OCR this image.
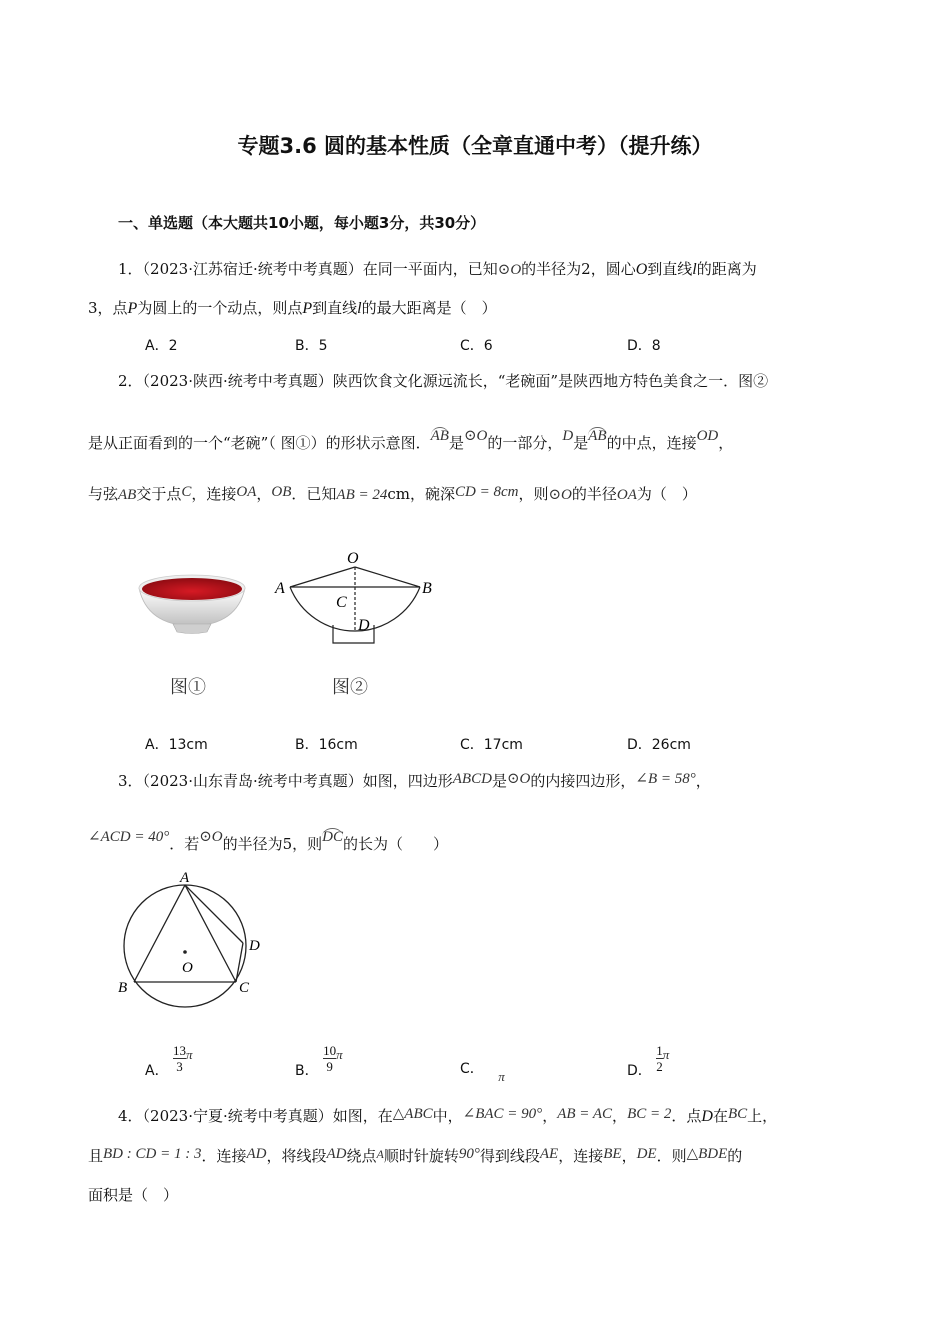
专题3.6 圆的基本性质（全章直通中考）（提升练）
一、单选题（本大题共10小题，每小题3分，共30分）
1．（2023·江苏宿迁·统考中考真题）在同一平面内，已知⊙O的半径为2，圆心O到直线l的距离为
3，点P为圆上的一个动点，则点P到直线l的最大距离是（　）
A．2	B．5	C．6	D．8
2．（2023·陕西·统考中考真题）陕西饮食文化源远流长，“老碗面”是陕西地方特色美食之一．图②
是从正面看到的一个“老碗”（ 图①）的形状示意图．AB是⊙O的一部分，D是AB的中点，连接OD，
与弦AB交于点C，连接OA，OB．已知AB = 24cm，碗深CD = 8cm，则⊙O的半径OA为（　）
图①
O
A	B
C
D
图②
A．13cm	B．16cm	C．17cm	D．26cm
3．（2023·山东青岛·统考中考真题）如图，四边形ABCD是⊙O的内接四边形，∠B = 58°，
∠ACD = 40°．若⊙O的半径为5，则DC的长为（　　）
A
B	C
D
O
A． $\frac{13}{3}$ π
B． $\frac{10}{9}$ π
C． π	D． $\frac{1}{2}$ π
4．（2023·宁夏·统考中考真题）如图，在△ABC中，∠BAC = 90°，AB = AC，BC = 2．点D在BC上，
且BD : CD = 1 : 3．连接AD，将线段AD绕点$^A$顺时针旋转90°得到线段AE，连接BE，DE．则△BDE的
面积是（　）
